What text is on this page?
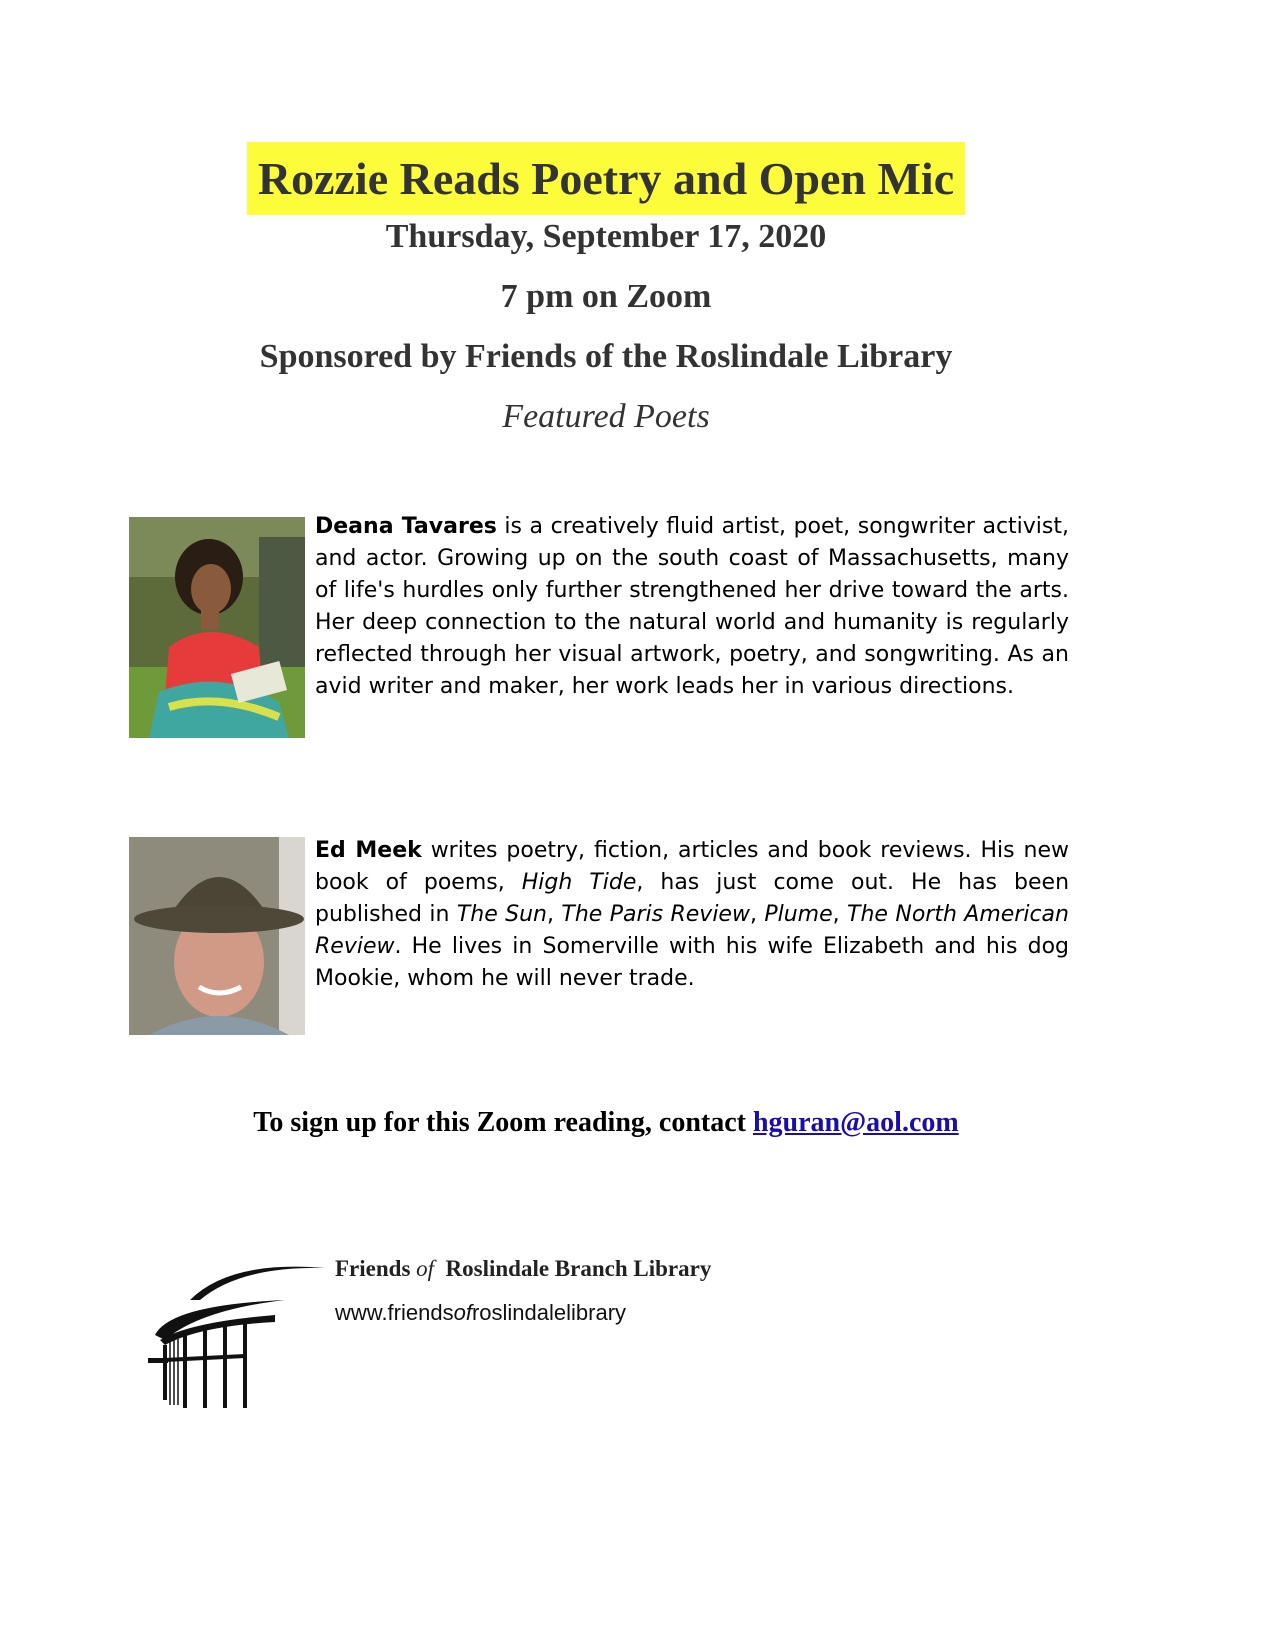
Rozzie Reads Poetry and Open Mic
Thursday, September 17, 2020
7 pm on Zoom
Sponsored by Friends of the Roslindale Library
Featured Poets

Deana Tavares is a creatively fluid artist, poet, songwriter activist, and actor. Growing up on the south coast of Massachusetts, many of life's hurdles only further strengthened her drive toward the arts. Her deep connection to the natural world and humanity is regularly reflected through her visual artwork, poetry, and songwriting. As an avid writer and maker, her work leads her in various directions.

Ed Meek writes poetry, fiction, articles and book reviews. His new book of poems, High Tide, has just come out. He has been published in The Sun, The Paris Review, Plume, The North American Review. He lives in Somerville with his wife Elizabeth and his dog Mookie, whom he will never trade.

To sign up for this Zoom reading, contact hguran@aol.com
Friends of  Roslindale Branch Library
www.friendsofroslindalelibrary
